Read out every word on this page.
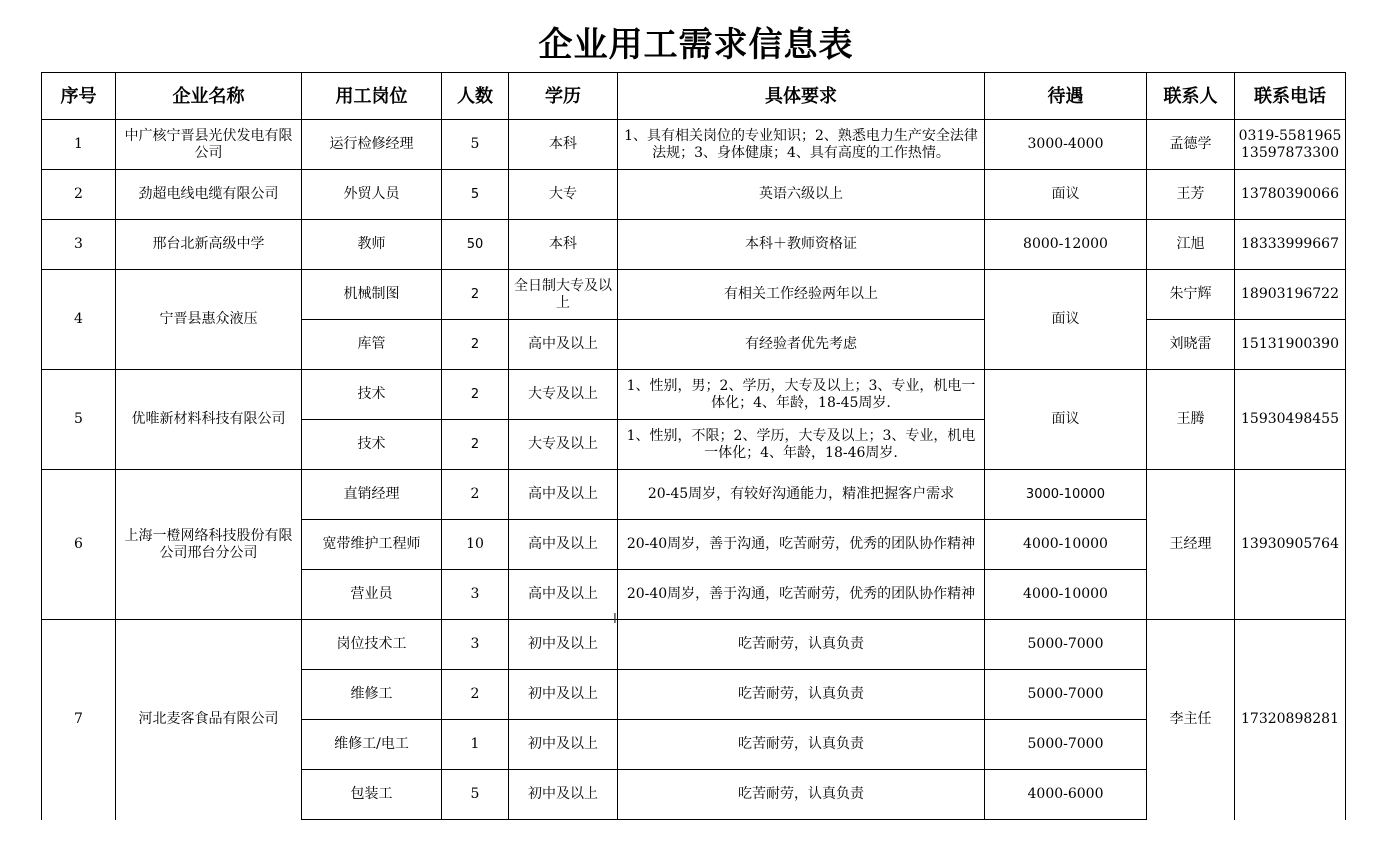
企业用工需求信息表
序号	企业名称	用工岗位	人数	学历	具体要求	待遇	联系人	联系电话
1	中广核宁晋县光伏发电有限公司	运行检修经理	5	本科	1、具有相关岗位的专业知识；2、熟悉电力生产安全法律法规；3、身体健康；4、具有高度的工作热情。	3000-4000	孟德学	0319-5581965
13597873300
2	劲超电线电缆有限公司	外贸人员	5	大专	英语六级以上	面议	王芳	13780390066
3	邢台北新高级中学	教师	50	本科	本科＋教师资格证	8000-12000	江旭	18333999667
4	宁晋县惠众液压	机械制图	2	全日制大专及以上	有相关工作经验两年以上	面议	朱宁辉	18903196722
		库管	2	高中及以上	有经验者优先考虑		刘晓雷	15131900390
5	优唯新材料科技有限公司	技术	2	大专及以上	1、性别，男；2、学历，大专及以上；3、专业，机电一体化；4、年龄，18-45周岁.	面议	王腾	15930498455
		技术	2	大专及以上	1、性别，不限；2、学历，大专及以上；3、专业，机电一体化；4、年龄，18-46周岁.			
6	上海一橙网络科技股份有限公司邢台分公司	直销经理	2	高中及以上	20-45周岁，有较好沟通能力，精准把握客户需求	3000-10000	王经理	13930905764
		宽带维护工程师	10	高中及以上	20-40周岁，善于沟通，吃苦耐劳，优秀的团队协作精神	4000-10000		
		营业员	3	高中及以上	20-40周岁，善于沟通，吃苦耐劳，优秀的团队协作精神	4000-10000		
7	河北麦客食品有限公司	岗位技术工	3	初中及以上	吃苦耐劳，认真负责	5000-7000	李主任	17320898281
		维修工	2	初中及以上	吃苦耐劳，认真负责	5000-7000		
		维修工/电工	1	初中及以上	吃苦耐劳，认真负责	5000-7000		
		包装工	5	初中及以上	吃苦耐劳，认真负责	4000-6000		
I
